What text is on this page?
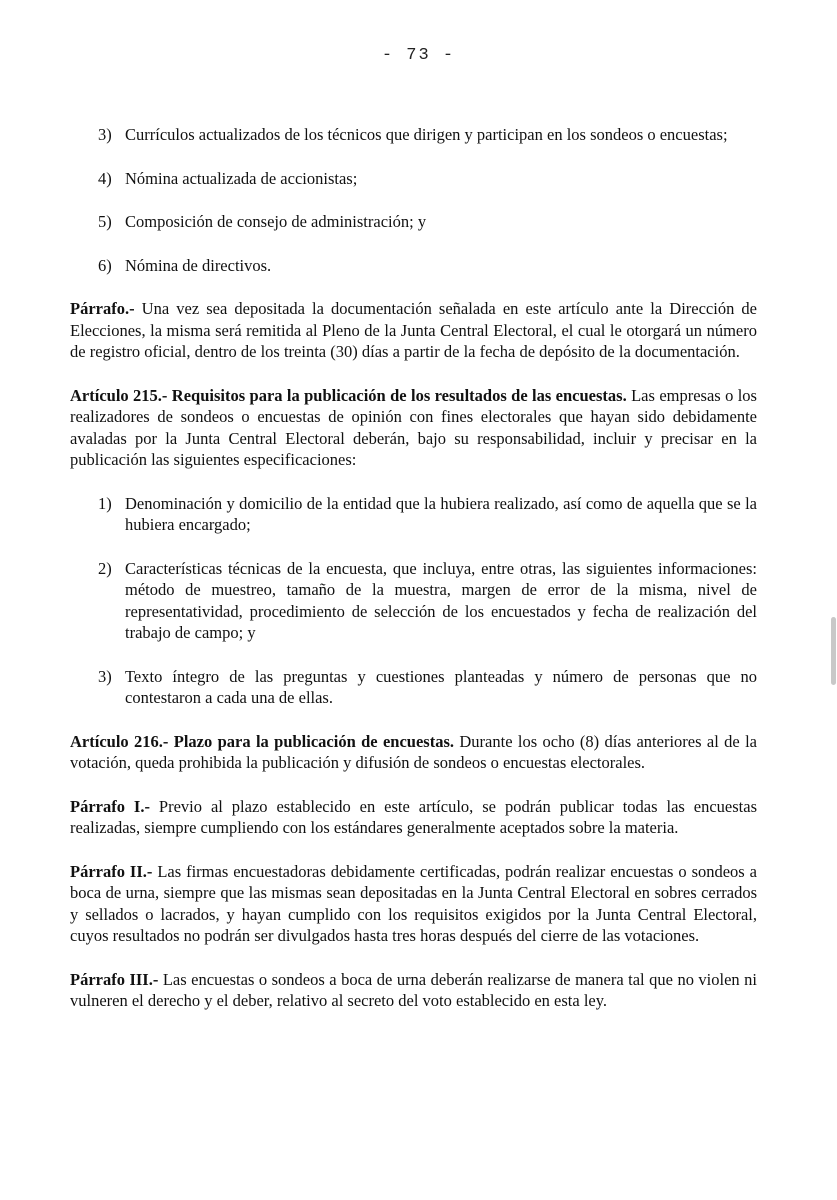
- 73 -
3) Currículos actualizados de los técnicos que dirigen y participan en los sondeos o encuestas;
4) Nómina actualizada de accionistas;
5) Composición de consejo de administración; y
6) Nómina de directivos.

Párrafo.- Una vez sea depositada la documentación señalada en este artículo ante la Dirección de Elecciones, la misma será remitida al Pleno de la Junta Central Electoral, el cual le otorgará un número de registro oficial, dentro de los treinta (30) días a partir de la fecha de depósito de la documentación.

Artículo 215.- Requisitos para la publicación de los resultados de las encuestas. Las empresas o los realizadores de sondeos o encuestas de opinión con fines electorales que hayan sido debidamente avaladas por la Junta Central Electoral deberán, bajo su responsabilidad, incluir y precisar en la publicación las siguientes especificaciones:

1) Denominación y domicilio de la entidad que la hubiera realizado, así como de aquella que se la hubiera encargado;
2) Características técnicas de la encuesta, que incluya, entre otras, las siguientes informaciones: método de muestreo, tamaño de la muestra, margen de error de la misma, nivel de representatividad, procedimiento de selección de los encuestados y fecha de realización del trabajo de campo; y
3) Texto íntegro de las preguntas y cuestiones planteadas y número de personas que no contestaron a cada una de ellas.

Artículo 216.- Plazo para la publicación de encuestas. Durante los ocho (8) días anteriores al de la votación, queda prohibida la publicación y difusión de sondeos o encuestas electorales.

Párrafo I.- Previo al plazo establecido en este artículo, se podrán publicar todas las encuestas realizadas, siempre cumpliendo con los estándares generalmente aceptados sobre la materia.

Párrafo II.- Las firmas encuestadoras debidamente certificadas, podrán realizar encuestas o sondeos a boca de urna, siempre que las mismas sean depositadas en la Junta Central Electoral en sobres cerrados y sellados o lacrados, y hayan cumplido con los requisitos exigidos por la Junta Central Electoral, cuyos resultados no podrán ser divulgados hasta tres horas después del cierre de las votaciones.

Párrafo III.- Las encuestas o sondeos a boca de urna deberán realizarse de manera tal que no violen ni vulneren el derecho y el deber, relativo al secreto del voto establecido en esta ley.
